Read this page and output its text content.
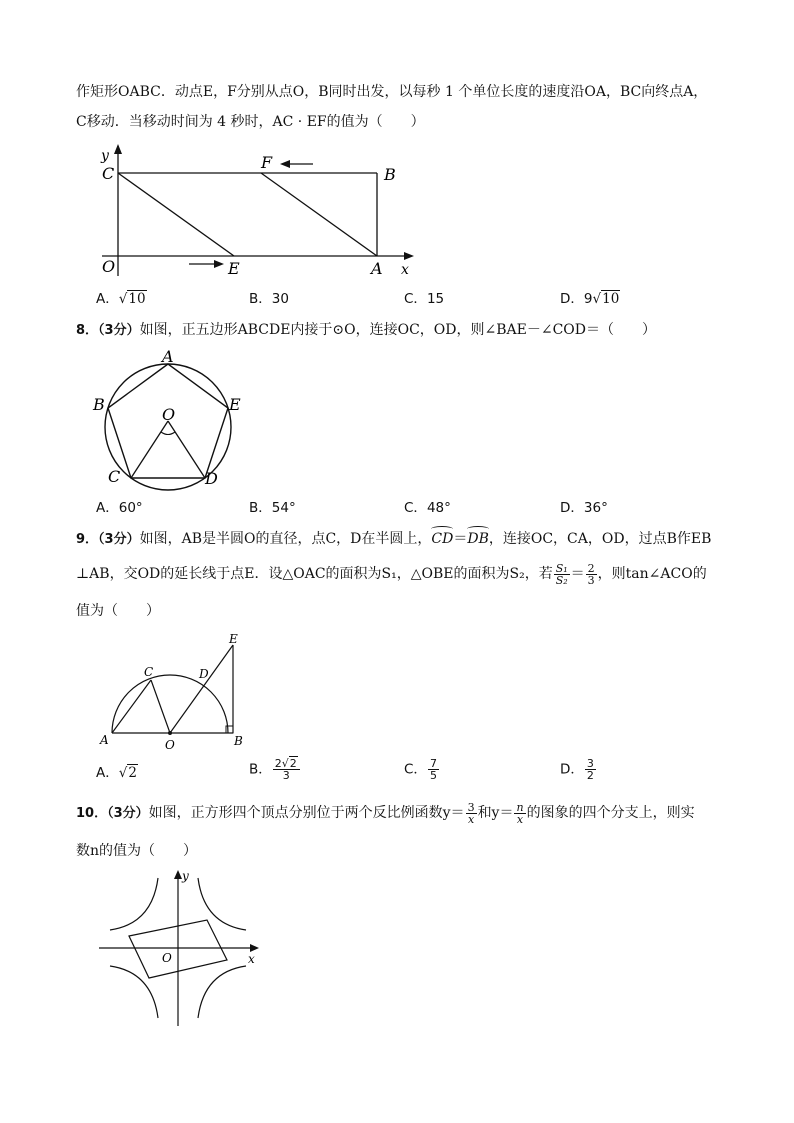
作矩形OABC．动点E，F分别从点O，B同时出发，以每秒 1 个单位长度的速度沿OA，BC向终点A，
C移动．当移动时间为 4 秒时，AC · EF的值为（　　）
y
C
F
B
O	E	A x
A．√10	B．30	C．15	D．9√10
8．（3分）如图，正五边形ABCDE内接于⊙O，连接OC，OD，则∠BAE－∠COD＝（　　）
A
B
O
E
C	D
A．60°	B．54°	C．48°	D．36°
9．（3分）如图，AB是半圆O的直径，点C，D在半圆上，CD＝DB，连接OC，CA，OD，过点B作EB
⊥AB，交OD的延长线于点E．设△OAC的面积为S₁，△OBE的面积为S₂，若 $\frac{\text{S₁}}{\text{S₂}} = \frac{2}{3}$ ，则tan∠ACO的
值为（　　）
E
C	D
A	O	B
A．√2	B． $\frac{2√2}{3}$	C． $\frac{7}{5}$	D． $\frac{3}{2}$
10．（3分）如图，正方形四个顶点分别位于两个反比例函数$y= \frac{3}{x}$ 和$y= \frac{n}{x}$ 的图象的四个分支上，则实
数n的值为（　　）
y
x
O
